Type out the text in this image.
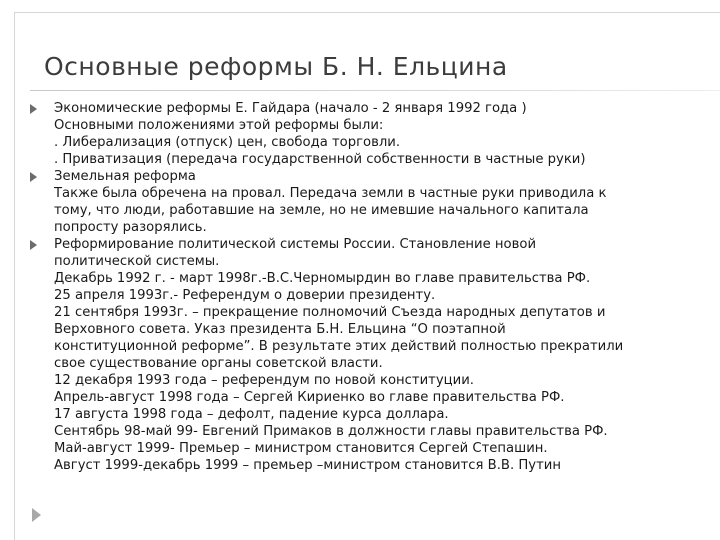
Основные реформы Б. Н. Ельцина
Экономические реформы Е. Гайдара (начало - 2 января 1992 года )
Основными положениями этой реформы были:
. Либерализация (отпуск) цен, свобода торговли.
. Приватизация (передача государственной собственности в частные руки)
Земельная реформа
Также была обречена на провал. Передача земли в частные руки приводила к
тому, что люди, работавшие на земле, но не имевшие начального капитала
попросту разорялись.
Реформирование политической системы России. Становление новой
политической системы.
Декабрь 1992 г. - март 1998г.-В.С.Черномырдин во главе правительства РФ.
25 апреля 1993г.- Референдум о доверии президенту.
21 сентября 1993г. – прекращение полномочий Съезда народных депутатов и
Верховного совета. Указ президента Б.Н. Ельцина “О поэтапной
конституционной реформе”. В результате этих действий полностью прекратили
свое существование органы советской власти.
12 декабря 1993 года – референдум по новой конституции.
Апрель-август 1998 года – Сергей Кириенко во главе правительства РФ.
17 августа 1998 года – дефолт, падение курса доллара.
Сентябрь 98-май 99- Евгений Примаков в должности главы правительства РФ.
Май-август 1999- Премьер – министром становится Сергей Степашин.
Август 1999-декабрь 1999 – премьер –министром становится В.В. Путин
